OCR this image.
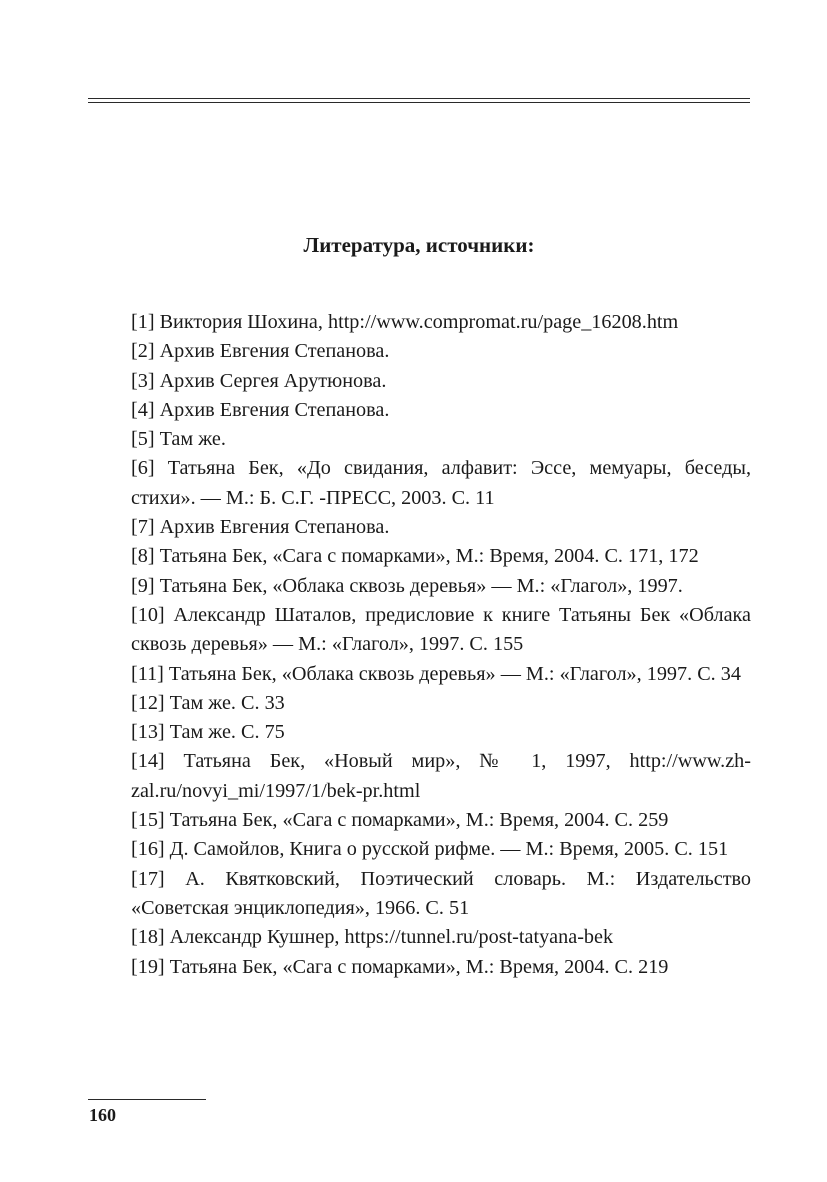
Литература, источники:
[1] Виктория Шохина, http://www.compromat.ru/page_16208.htm
[2] Архив Евгения Степанова.
[3] Архив Сергея Арутюнова.
[4] Архив Евгения Степанова.
[5] Там же.
[6] Татьяна Бек, «До свидания, алфавит: Эссе, мемуары, беседы, стихи». — М.: Б. С.Г. -ПРЕСС, 2003. С. 11
[7] Архив Евгения Степанова.
[8] Татьяна Бек, «Сага с помарками», М.: Время, 2004. С. 171, 172
[9] Татьяна Бек, «Облака сквозь деревья» — М.: «Глагол», 1997.
[10] Александр Шаталов, предисловие к книге Татьяны Бек «Облака сквозь деревья» — М.: «Глагол», 1997. С. 155
[11] Татьяна Бек, «Облака сквозь деревья» — М.: «Глагол», 1997. С. 34
[12] Там же. С. 33
[13] Там же. С. 75
[14] Татьяна Бек, «Новый мир», № 1, 1997, http://www.zh-zal.ru/novyi_mi/1997/1/bek-pr.html
[15] Татьяна Бек, «Сага с помарками», М.: Время, 2004. С. 259
[16] Д. Самойлов, Книга о русской рифме. — М.: Время, 2005. С. 151
[17] А. Квятковский, Поэтический словарь. М.: Издательство «Советская энциклопедия», 1966. С. 51
[18] Александр Кушнер, https://tunnel.ru/post-tatyana-bek
[19] Татьяна Бек, «Сага с помарками», М.: Время, 2004. С. 219
160
